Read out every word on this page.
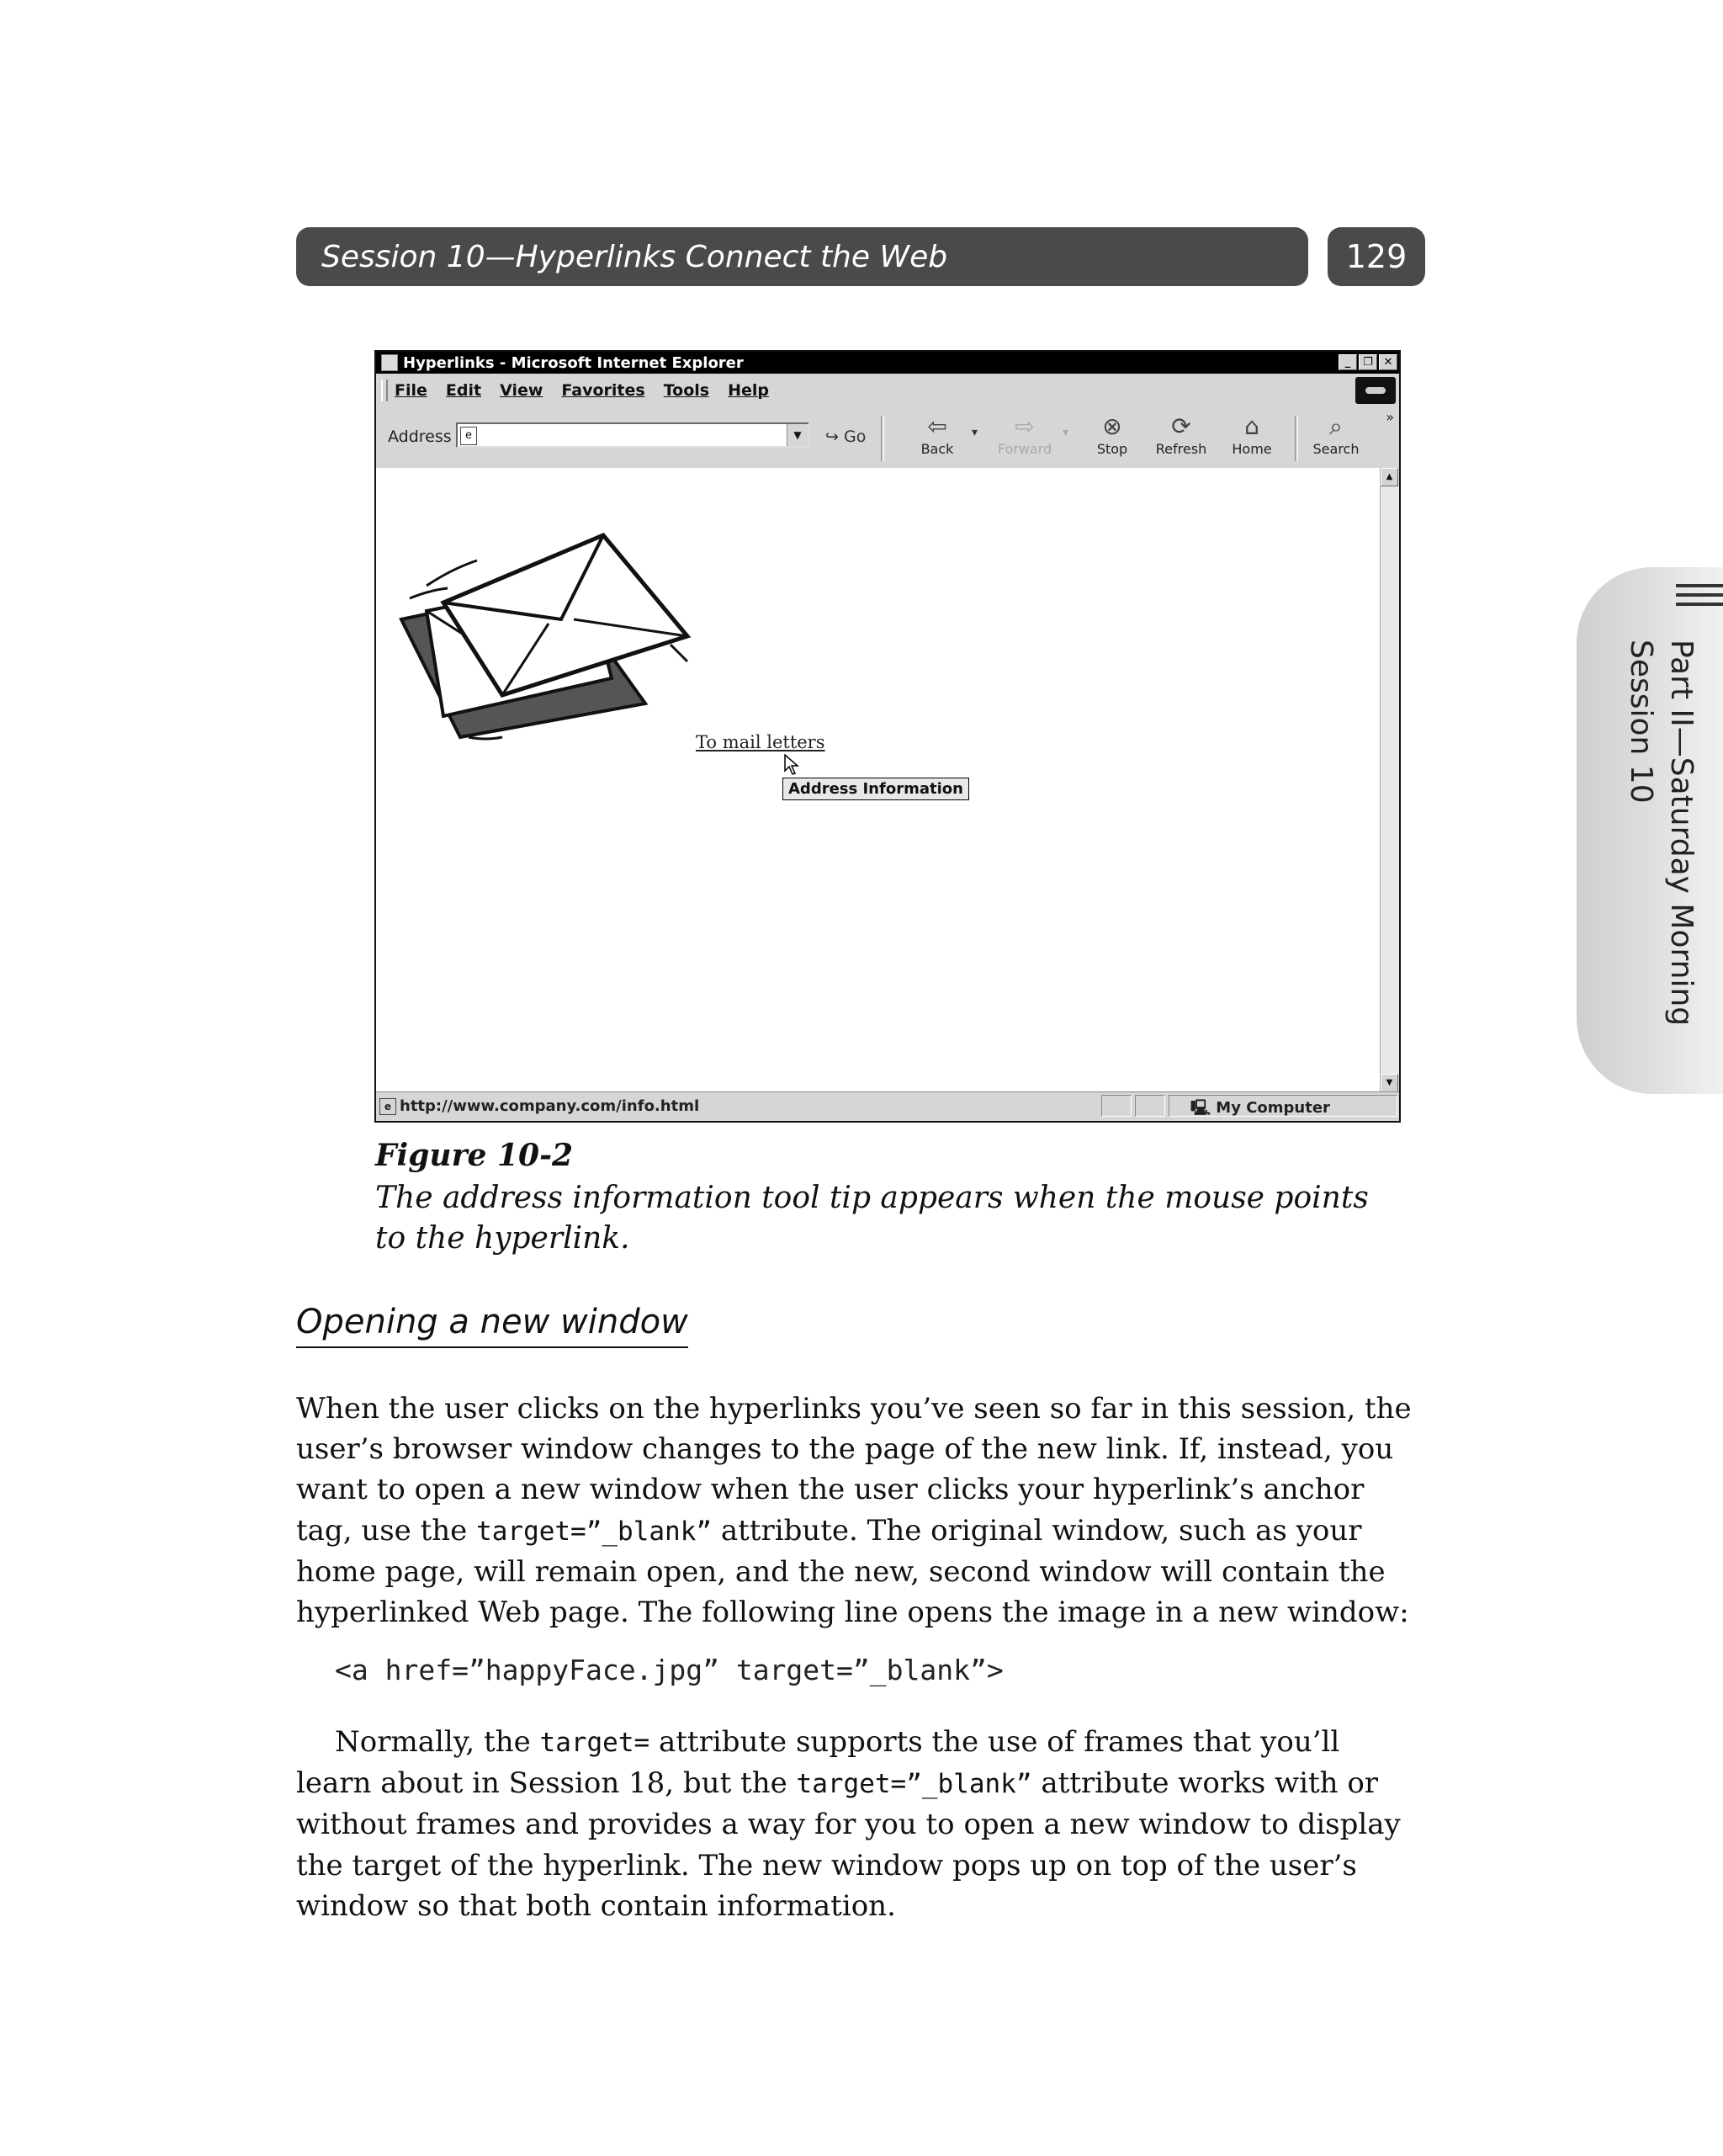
Session 10—Hyperlinks Connect the Web	129
Part II—Saturday Morning
Session 10
Hyperlinks - Microsoft Internet Explorer	_	❐ ✕
File Edit View Favorites Tools Help
Address	e	▼	↪ Go	⇦
Back
▾	⇨
Forward
▾	⊗
Stop
⟳
Refresh
⌂
Home
⌕
Search
»
To mail letters
Address Information
▲
▼
e http://www.company.com/info.html	🖳 My Computer
Figure 10-2
The address information tool tip appears when the mouse points to the hyperlink.
Opening a new window

When the user clicks on the hyperlinks you’ve seen so far in this session, the user’s browser window changes to the page of the new link. If, instead, you want to open a new window when the user clicks your hyperlink’s anchor tag, use the target=”_blank” attribute. The original window, such as your home page, will remain open, and the new, second window will contain the hyperlinked Web page. The following line opens the image in a new window:

<a href=”happyFace.jpg” target=”_blank”>

Normally, the target= attribute supports the use of frames that you’ll learn about in Session 18, but the target=”_blank” attribute works with or without frames and provides a way for you to open a new window to display the target of the hyperlink. The new window pops up on top of the user’s window so that both contain information.
